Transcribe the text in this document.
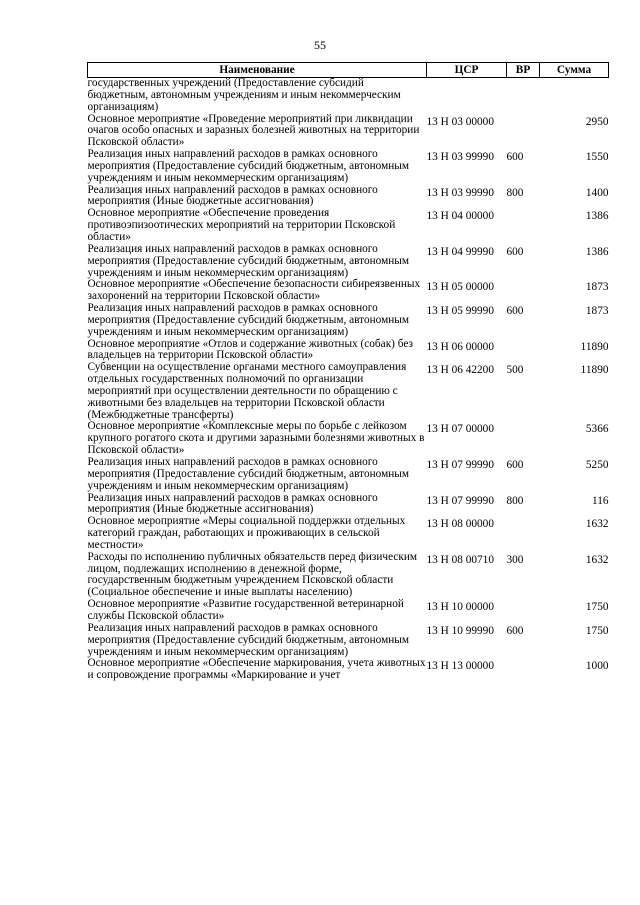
55
Наименование	ЦСР	ВР	Сумма
государственных учреждений (Предоставление субсидий бюджетным, автономным учреждениям и иным некоммерческим организациям)			
Основное мероприятие «Проведение мероприятий при ликвидации очагов особо опасных и заразных болезней животных на территории Псковской области»	13 Н 03 00000		2950
Реализация иных направлений расходов в рамках основного мероприятия (Предоставление субсидий бюджетным, автономным учреждениям и иным некоммерческим организациям)	13 Н 03 99990	600	1550
Реализация иных направлений расходов в рамках основного мероприятия (Иные бюджетные ассигнования)	13 Н 03 99990	800	1400
Основное мероприятие «Обеспечение проведения противоэпизоотических мероприятий на территории Псковской области»	13 Н 04 00000		1386
Реализация иных направлений расходов в рамках основного мероприятия (Предоставление субсидий бюджетным, автономным учреждениям и иным некоммерческим организациям)	13 Н 04 99990	600	1386
Основное мероприятие «Обеспечение безопасности сибиреязвенных захоронений на территории Псковской области»	13 Н 05 00000		1873
Реализация иных направлений расходов в рамках основного мероприятия (Предоставление субсидий бюджетным, автономным учреждениям и иным некоммерческим организациям)	13 Н 05 99990	600	1873
Основное мероприятие «Отлов и содержание животных (собак) без владельцев на территории Псковской области»	13 Н 06 00000		11890
Субвенции на осуществление органами местного самоуправления отдельных государственных полномочий по организации мероприятий при осуществлении деятельности по обращению с животными без владельцев на территории Псковской области (Межбюджетные трансферты)	13 Н 06 42200	500	11890
Основное мероприятие «Комплексные меры по борьбе с лейкозом крупного рогатого скота и другими заразными болезнями животных в Псковской области»	13 Н 07 00000		5366
Реализация иных направлений расходов в рамках основного мероприятия (Предоставление субсидий бюджетным, автономным учреждениям и иным некоммерческим организациям)	13 Н 07 99990	600	5250
Реализация иных направлений расходов в рамках основного мероприятия (Иные бюджетные ассигнования)	13 Н 07 99990	800	116
Основное мероприятие «Меры социальной поддержки отдельных категорий граждан, работающих и проживающих в сельской местности»	13 Н 08 00000		1632
Расходы по исполнению публичных обязательств перед физическим лицом, подлежащих исполнению в денежной форме, государственным бюджетным учреждением Псковской области (Социальное обеспечение и иные выплаты населению)	13 Н 08 00710	300	1632
Основное мероприятие «Развитие государственной ветеринарной службы Псковской области»	13 Н 10 00000		1750
Реализация иных направлений расходов в рамках основного мероприятия (Предоставление субсидий бюджетным, автономным учреждениям и иным некоммерческим организациям)	13 Н 10 99990	600	1750
Основное мероприятие «Обеспечение маркирования, учета животных и сопровождение программы «Маркирование и учет	13 Н 13 00000		1000
